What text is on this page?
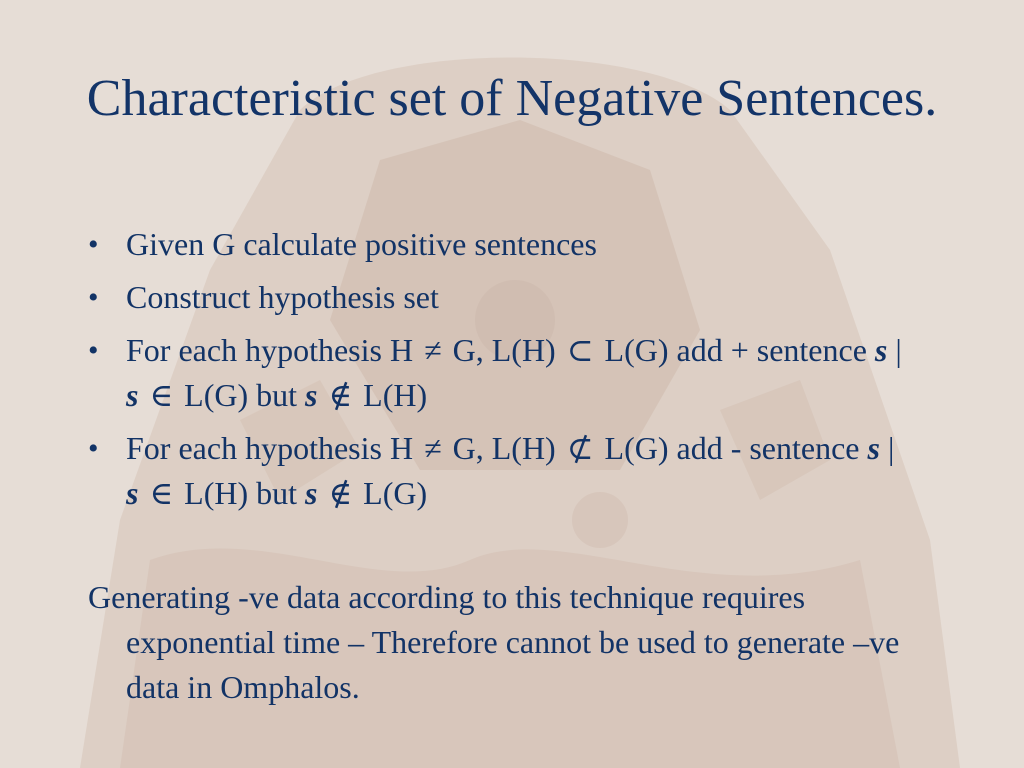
Characteristic set of Negative Sentences.
• Given G calculate positive sentences
• Construct hypothesis set
• For each hypothesis H ≠ G, L(H) ⊂ L(G) add + sentence s | s ∈ L(G) but s ∉ L(H)
• For each hypothesis H ≠ G, L(H) ⊄ L(G) add - sentence s | s ∈ L(H) but s ∉ L(G)
Generating -ve data according to this technique requires exponential time – Therefore cannot be used to generate –ve data in Omphalos.
